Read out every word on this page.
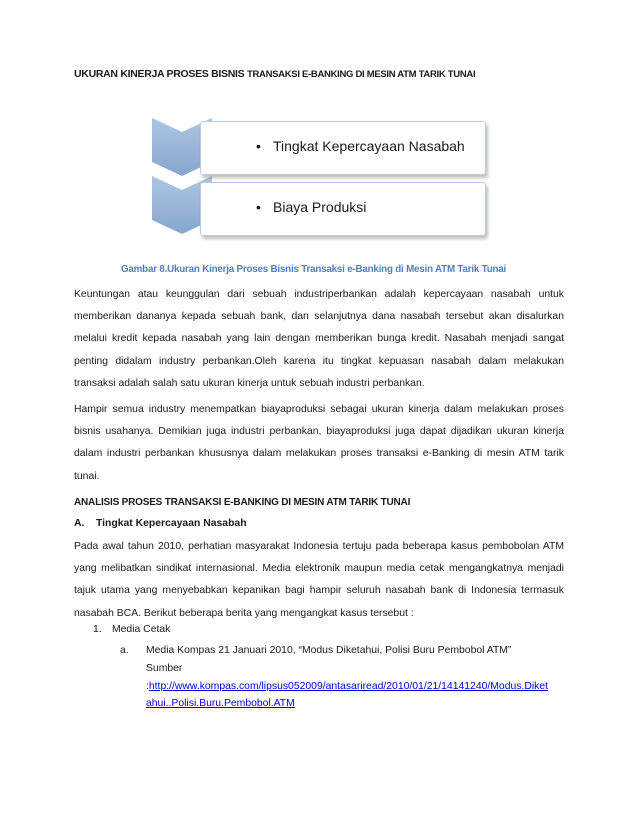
UKURAN KINERJA PROSES BISNIS TRANSAKSI E-BANKING DI MESIN ATM TARIK TUNAI
• Tingkat Kepercayaan Nasabah
• Biaya Produksi
Gambar 8.Ukuran Kinerja Proses Bisnis Transaksi e-Banking di Mesin ATM Tarik Tunai
Keuntungan atau keunggulan dari sebuah industriperbankan adalah kepercayaan nasabah untuk
memberikan dananya kepada sebuah bank, dan selanjutnya dana nasabah tersebut akan disalurkan
melalui kredit kepada nasabah yang lain dengan memberikan bunga kredit. Nasabah menjadi sangat
penting didalam industry perbankan.Oleh karena itu tingkat kepuasan nasabah dalam melakukan
transaksi adalah salah satu ukuran kinerja untuk sebuah industri perbankan.
Hampir semua industry menempatkan biayaproduksi sebagai ukuran kinerja dalam melakukan proses
bisnis usahanya. Demikian juga industri perbankan, biayaproduksi juga dapat dijadikan ukuran kinerja
dalam industri perbankan khususnya dalam melakukan proses transaksi e-Banking di mesin ATM tarik
tunai.
ANALISIS PROSES TRANSAKSI E-BANKING DI MESIN ATM TARIK TUNAI
A. Tingkat Kepercayaan Nasabah
Pada awal tahun 2010, perhatian masyarakat Indonesia tertuju pada beberapa kasus pembobolan ATM
yang melibatkan sindikat internasional. Media elektronik maupun media cetak mengangkatnya menjadi
tajuk utama yang menyebabkan kepanikan bagi hampir seluruh nasabah bank di Indonesia termasuk
nasabah BCA. Berikut beberapa berita yang mengangkat kasus tersebut :
1. Media Cetak
a. Media Kompas 21 Januari 2010, “Modus Diketahui, Polisi Buru Pembobol ATM”
Sumber
:http://www.kompas.com/lipsus052009/antasariread/2010/01/21/14141240/Modus.Diket
ahui..Polisi.Buru.Pembobol.ATM
